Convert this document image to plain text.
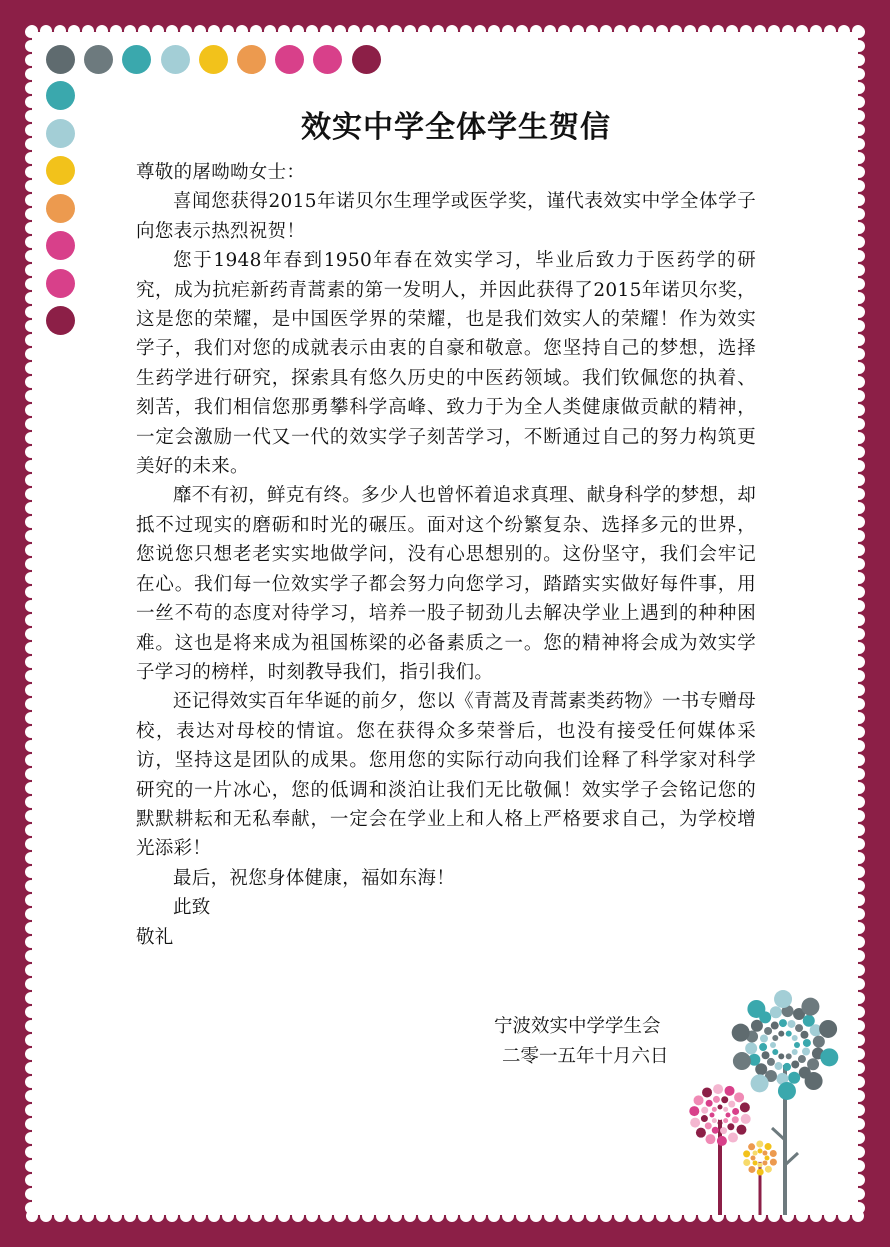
效实中学全体学生贺信

尊敬的屠呦呦女士：

喜闻您获得2015年诺贝尔生理学或医学奖，谨代表效实中学全体学子向您表示热烈祝贺！

您于1948年春到1950年春在效实学习，毕业后致力于医药学的研究，成为抗疟新药青蒿素的第一发明人，并因此获得了2015年诺贝尔奖，这是您的荣耀，是中国医学界的荣耀，也是我们效实人的荣耀！作为效实学子，我们对您的成就表示由衷的自豪和敬意。您坚持自己的梦想，选择生药学进行研究，探索具有悠久历史的中医药领域。我们钦佩您的执着、刻苦，我们相信您那勇攀科学高峰、致力于为全人类健康做贡献的精神，一定会激励一代又一代的效实学子刻苦学习，不断通过自己的努力构筑更美好的未来。

靡不有初，鲜克有终。多少人也曾怀着追求真理、献身科学的梦想，却抵不过现实的磨砺和时光的碾压。面对这个纷繁复杂、选择多元的世界，您说您只想老老实实地做学问，没有心思想别的。这份坚守，我们会牢记在心。我们每一位效实学子都会努力向您学习，踏踏实实做好每件事，用一丝不苟的态度对待学习，培养一股子韧劲儿去解决学业上遇到的种种困难。这也是将来成为祖国栋梁的必备素质之一。您的精神将会成为效实学子学习的榜样，时刻教导我们，指引我们。

还记得效实百年华诞的前夕，您以《青蒿及青蒿素类药物》一书专赠母校，表达对母校的情谊。您在获得众多荣誉后，也没有接受任何媒体采访，坚持这是团队的成果。您用您的实际行动向我们诠释了科学家对科学研究的一片冰心，您的低调和淡泊让我们无比敬佩！效实学子会铭记您的默默耕耘和无私奉献，一定会在学业上和人格上严格要求自己，为学校增光添彩！

最后，祝您身体健康，福如东海！

此致

敬礼

宁波效实中学学生会
二零一五年十月六日
